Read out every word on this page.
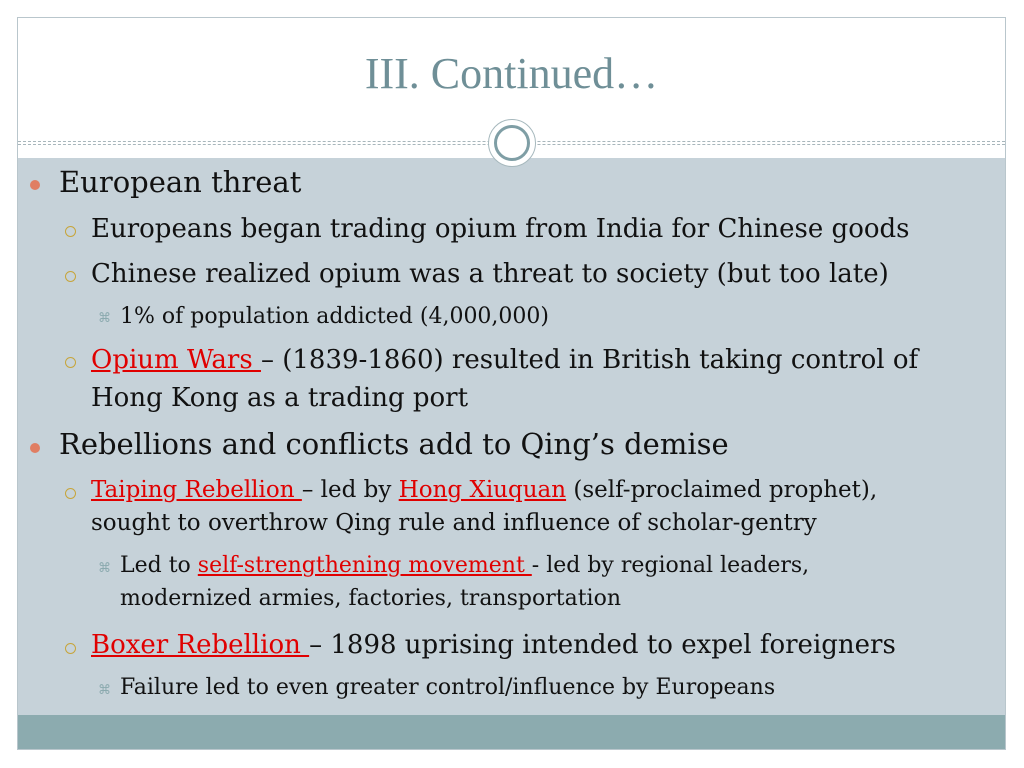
III. Continued…
European threat
Europeans began trading opium from India for Chinese goods
Chinese realized opium was a threat to society (but too late)
⌘ 1% of population addicted (4,000,000)
Opium Wars – (1839-1860) resulted in British taking control of
Hong Kong as a trading port
Rebellions and conflicts add to Qing’s demise
Taiping Rebellion – led by Hong Xiuquan (self-proclaimed prophet),
sought to overthrow Qing rule and influence of scholar-gentry
⌘ Led to self-strengthening movement - led by regional leaders,
modernized armies, factories, transportation
Boxer Rebellion – 1898 uprising intended to expel foreigners
⌘ Failure led to even greater control/influence by Europeans
